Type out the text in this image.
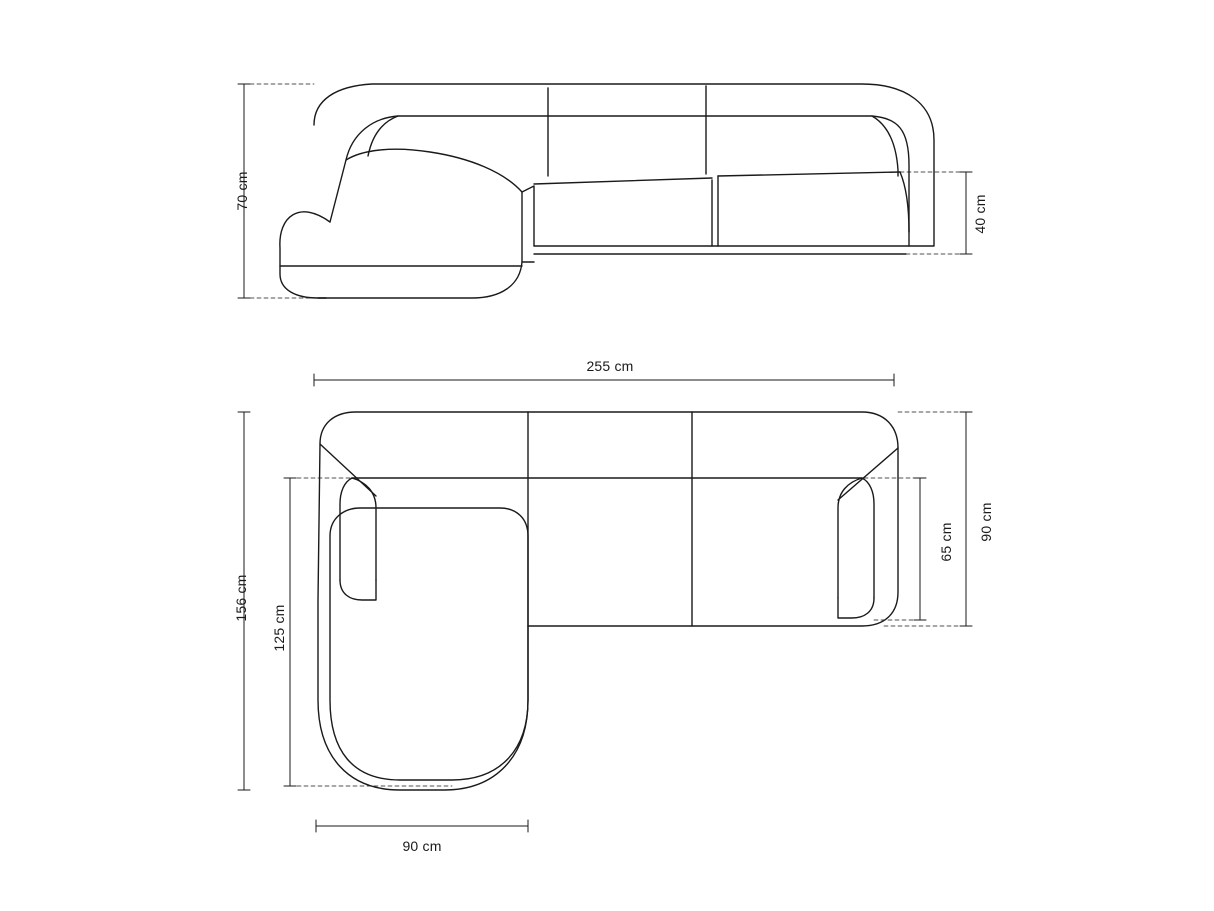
70 cm
40 cm
255 cm
156 cm
125 cm
90 cm
65 cm
90 cm
